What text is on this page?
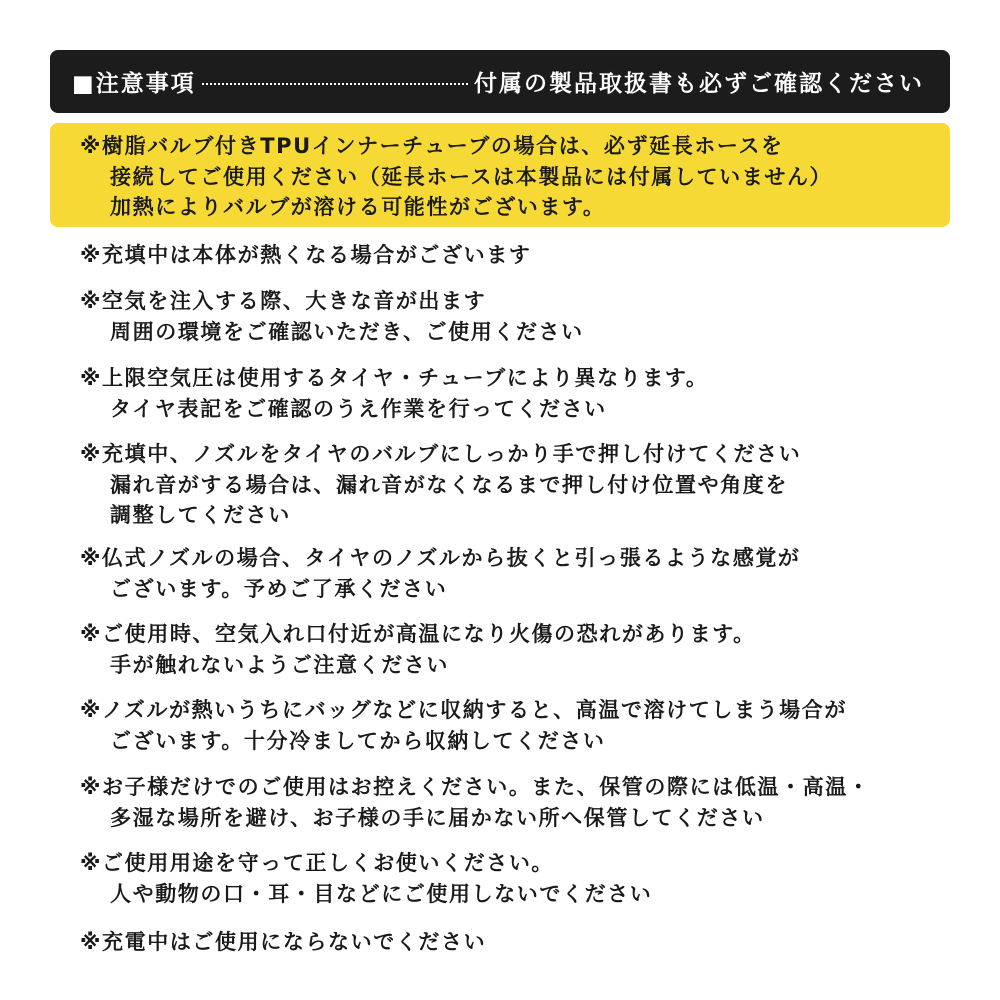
■注意事項	付属の製品取扱書も必ずご確認ください
※樹脂バルブ付きTPUインナーチューブの場合は、必ず延長ホースを
接続してご使用ください（延長ホースは本製品には付属していません）
加熱によりバルブが溶ける可能性がございます。
※充填中は本体が熱くなる場合がございます
※空気を注入する際、大きな音が出ます
周囲の環境をご確認いただき、ご使用ください
※上限空気圧は使用するタイヤ・チューブにより異なります。
タイヤ表記をご確認のうえ作業を行ってください
※充填中、ノズルをタイヤのバルブにしっかり手で押し付けてください
漏れ音がする場合は、漏れ音がなくなるまで押し付け位置や角度を
調整してください
※仏式ノズルの場合、タイヤのノズルから抜くと引っ張るような感覚が
ございます。予めご了承ください
※ご使用時、空気入れ口付近が高温になり火傷の恐れがあります。
手が触れないようご注意ください
※ノズルが熱いうちにバッグなどに収納すると、高温で溶けてしまう場合が
ございます。十分冷ましてから収納してください
※お子様だけでのご使用はお控えください。また、保管の際には低温・高温・
多湿な場所を避け、お子様の手に届かない所へ保管してください
※ご使用用途を守って正しくお使いください。
人や動物の口・耳・目などにご使用しないでください
※充電中はご使用にならないでください
